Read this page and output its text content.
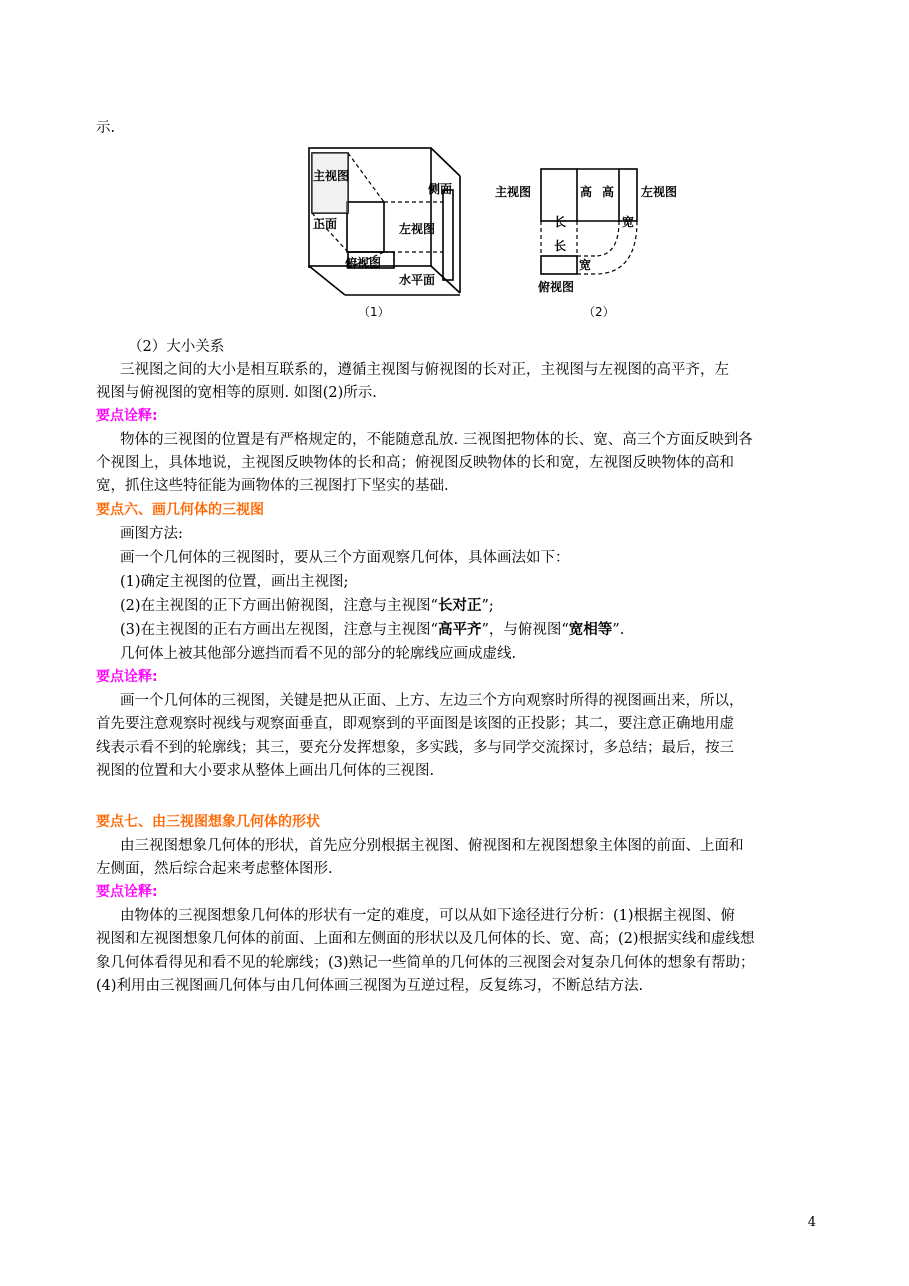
示.
主视图
正面
侧面
左视图
俯视图
水平面
（1）
主视图	高 高 左视图
长
长
宽
宽
俯视图
（2）
（2）大小关系
三视图之间的大小是相互联系的，遵循主视图与俯视图的长对正，主视图与左视图的高平齐，左
视图与俯视图的宽相等的原则. 如图(2)所示.
要点诠释:
物体的三视图的位置是有严格规定的，不能随意乱放. 三视图把物体的长、宽、高三个方面反映到各
个视图上，具体地说，主视图反映物体的长和高；俯视图反映物体的长和宽，左视图反映物体的高和
宽，抓住这些特征能为画物体的三视图打下坚实的基础.
要点六、画几何体的三视图
画图方法:
画一个几何体的三视图时，要从三个方面观察几何体，具体画法如下：
(1)确定主视图的位置，画出主视图;
(2)在主视图的正下方画出俯视图，注意与主视图“长对正”;
(3)在主视图的正右方画出左视图，注意与主视图“高平齐”，与俯视图“宽相等”.
几何体上被其他部分遮挡而看不见的部分的轮廓线应画成虚线.
要点诠释:
画一个几何体的三视图，关键是把从正面、上方、左边三个方向观察时所得的视图画出来，所以，
首先要注意观察时视线与观察面垂直，即观察到的平面图是该图的正投影；其二，要注意正确地用虚
线表示看不到的轮廓线；其三，要充分发挥想象，多实践，多与同学交流探讨，多总结；最后，按三
视图的位置和大小要求从整体上画出几何体的三视图.
要点七、由三视图想象几何体的形状
由三视图想象几何体的形状，首先应分别根据主视图、俯视图和左视图想象主体图的前面、上面和
左侧面，然后综合起来考虑整体图形.
要点诠释:
由物体的三视图想象几何体的形状有一定的难度，可以从如下途径进行分析：(1)根据主视图、俯
视图和左视图想象几何体的前面、上面和左侧面的形状以及几何体的长、宽、高；(2)根据实线和虚线想
象几何体看得见和看不见的轮廓线；(3)熟记一些简单的几何体的三视图会对复杂几何体的想象有帮助；
(4)利用由三视图画几何体与由几何体画三视图为互逆过程，反复练习，不断总结方法.
4
